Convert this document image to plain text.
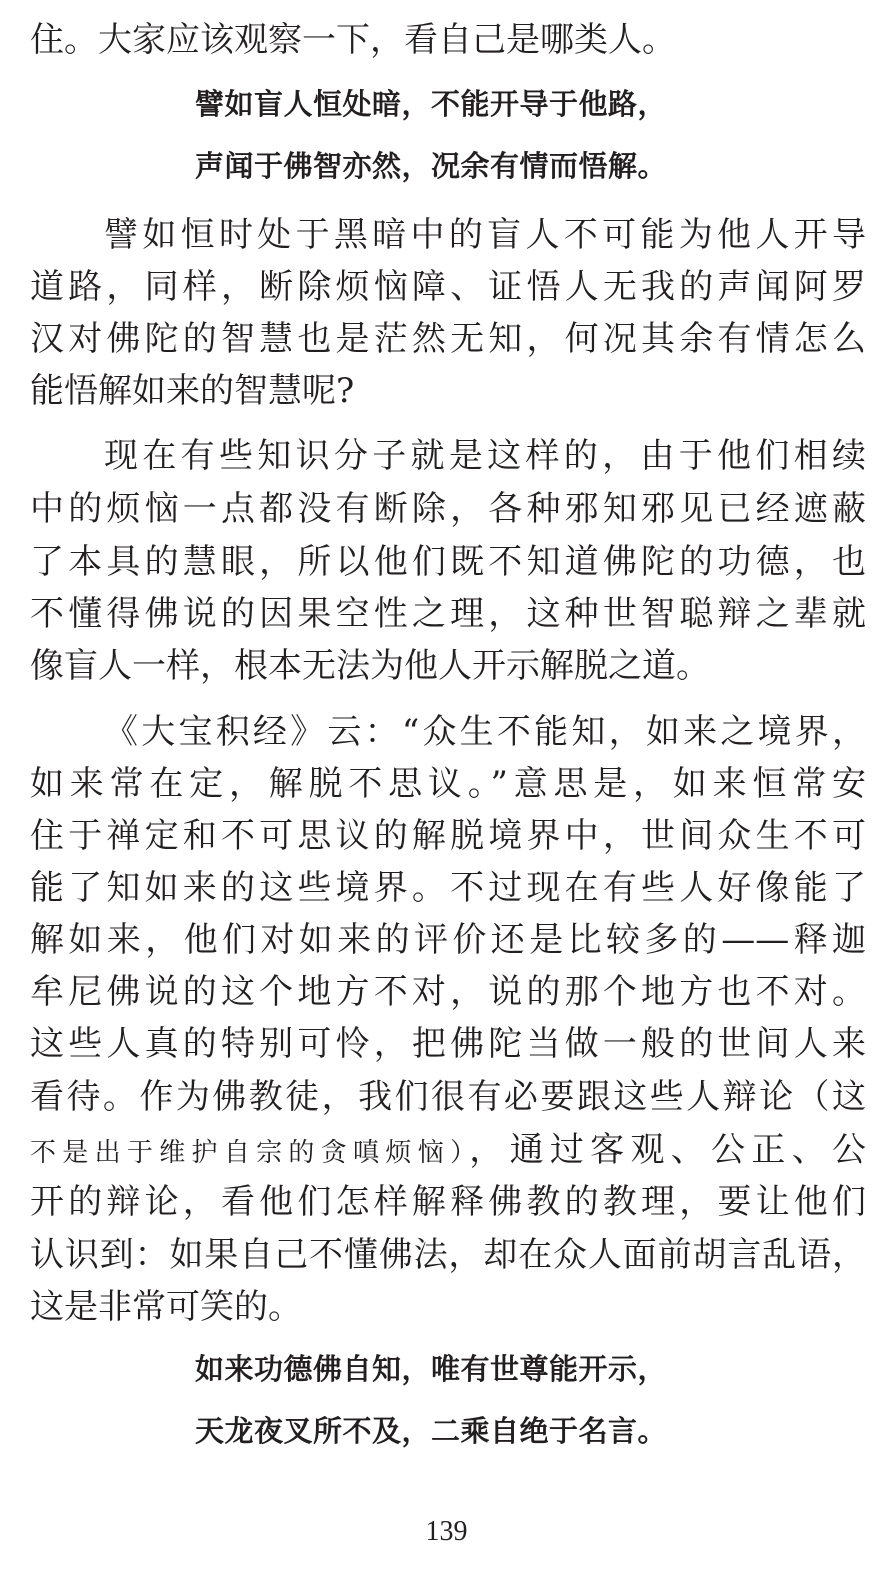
住。大家应该观察一下，看自己是哪类人。
譬如盲人恒处暗，不能开导于他路，
声闻于佛智亦然，况余有情而悟解。
譬如恒时处于黑暗中的盲人不可能为他人开导
道路，同样，断除烦恼障、证悟人无我的声闻阿罗
汉对佛陀的智慧也是茫然无知，何况其余有情怎么
能悟解如来的智慧呢?
现在有些知识分子就是这样的，由于他们相续
中的烦恼一点都没有断除，各种邪知邪见已经遮蔽
了本具的慧眼，所以他们既不知道佛陀的功德，也
不懂得佛说的因果空性之理，这种世智聪辩之辈就
像盲人一样，根本无法为他人开示解脱之道。
《大宝积经》云：“众生不能知，如来之境界，
如来常在定，解脱不思议。”意思是，如来恒常安
住于禅定和不可思议的解脱境界中，世间众生不可
能了知如来的这些境界。不过现在有些人好像能了
解如来，他们对如来的评价还是比较多的——释迦
牟尼佛说的这个地方不对，说的那个地方也不对。
这些人真的特别可怜，把佛陀当做一般的世间人来
看待。作为佛教徒，我们很有必要跟这些人辩论（这
不是出于维护自宗的贪嗔烦恼），通过客观、公正、公
开的辩论，看他们怎样解释佛教的教理，要让他们
认识到：如果自己不懂佛法，却在众人面前胡言乱语，
这是非常可笑的。
如来功德佛自知，唯有世尊能开示，
天龙夜叉所不及，二乘自绝于名言。
139
